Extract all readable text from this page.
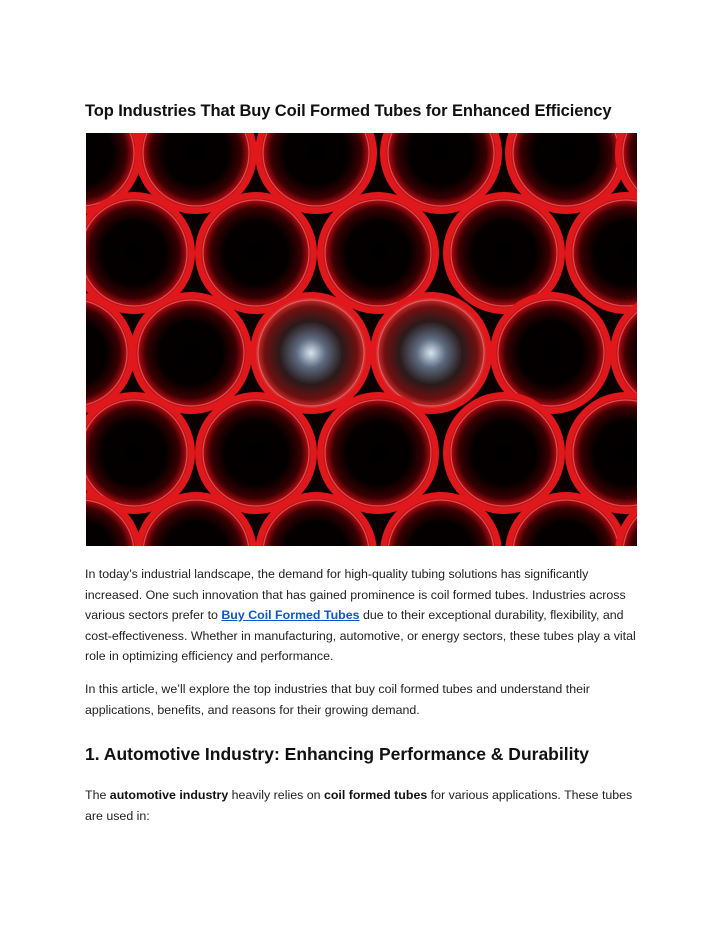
Top Industries That Buy Coil Formed Tubes for Enhanced Efficiency

In today’s industrial landscape, the demand for high-quality tubing solutions has significantly increased. One such innovation that has gained prominence is coil formed tubes. Industries across various sectors prefer to Buy Coil Formed Tubes due to their exceptional durability, flexibility, and cost-effectiveness. Whether in manufacturing, automotive, or energy sectors, these tubes play a vital role in optimizing efficiency and performance.

In this article, we’ll explore the top industries that buy coil formed tubes and understand their applications, benefits, and reasons for their growing demand.

1. Automotive Industry: Enhancing Performance & Durability

The automotive industry heavily relies on coil formed tubes for various applications. These tubes are used in:
